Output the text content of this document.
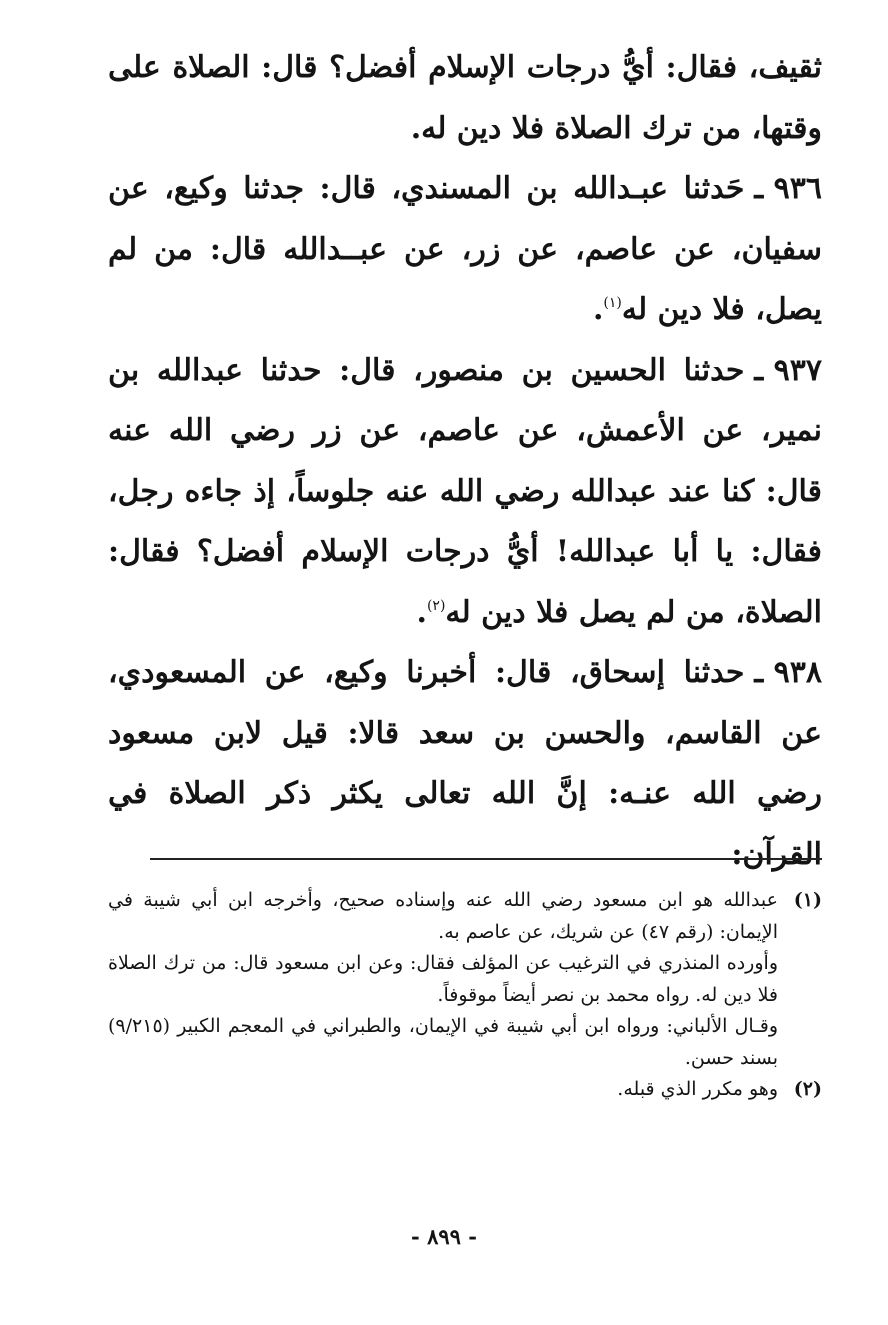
ثقيف، فقال: أيُّ درجات الإسلام أفضل؟ قال: الصلاة على وقتها، من ترك الصلاة فلا دين له.

٩٣٦ ـحَدثنا عبـدالله بن المسندي، قال: جدثنا وكيع، عن سفيان، عن عاصم، عن زر، عن عبــدالله قال: من لم يصل، فلا دين له$^{(١)}$.

٩٣٧ ـحدثنا الحسين بن منصور، قال: حدثنا عبدالله بن نمير، عن الأعمش، عن عاصم، عن زر رضي الله عنه قال: كنا عند عبدالله رضي الله عنه جلوساً، إذ جاءه رجل، فقال: يا أبا عبدالله! أيُّ درجات الإسلام أفضل؟ فقال: الصلاة، من لم يصل فلا دين له$^{(٢)}$.

٩٣٨ ـحدثنا إسحاق، قال: أخبرنا وكيع، عن المسعودي، عن القاسم، والحسن بن سعد قالا: قيل لابن مسعود رضي الله عنـه: إنَّ الله تعالى يكثر ذكر الصلاة في القرآن:

(١)

عبدالله هو ابن مسعود رضي الله عنه وإسناده صحيح، وأخرجه ابن أبي شيبة في الإيمان: (رقم ٤٧) عن شريك، عن عاصم به.

وأورده المنذري في الترغيب عن المؤلف فقال: وعن ابن مسعود قال: من ترك الصلاة فلا دين له. رواه محمد بن نصر أيضاً موقوفاً.

وقـال الألباني: ورواه ابن أبي شيبة في الإيمان، والطبراني في المعجم الكبير (٩/٢١٥) بسند حسن.

(٢)

وهو مكرر الذي قبله.

- ٨٩٩ -
